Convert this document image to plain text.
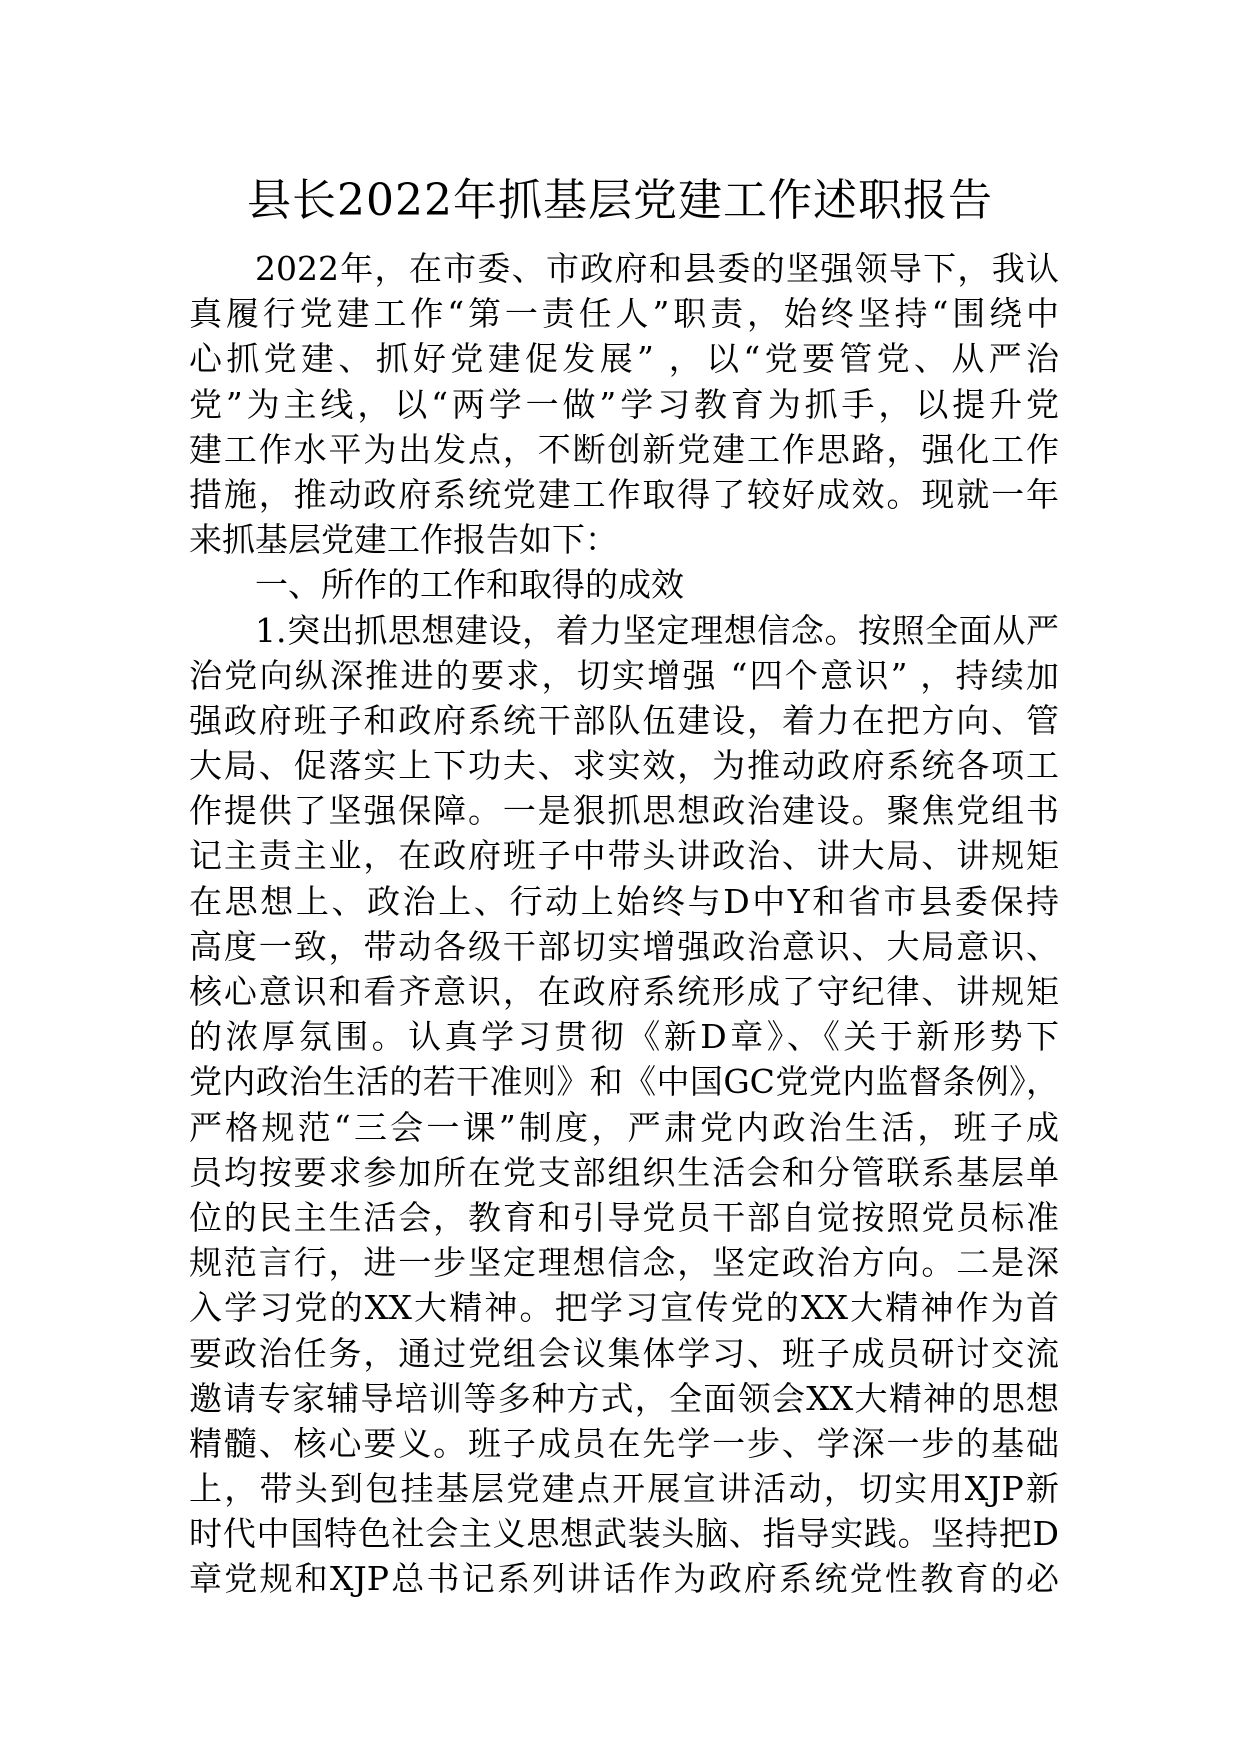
县长2022年抓基层党建工作述职报告
2022年，在市委、市政府和县委的坚强领导下，我认
真履行党建工作“第一责任人”职责，始终坚持“围绕中
心抓党建、抓好党建促发展” ，以“党要管党、从严治
党”为主线，以“两学一做”学习教育为抓手，以提升党
建工作水平为出发点，不断创新党建工作思路，强化工作
措施，推动政府系统党建工作取得了较好成效。现就一年
来抓基层党建工作报告如下：
一、所作的工作和取得的成效
1.突出抓思想建设，着力坚定理想信念。按照全面从严
治党向纵深推进的要求，切实增强 “四个意识” ，持续加
强政府班子和政府系统干部队伍建设，着力在把方向、管
大局、促落实上下功夫、求实效，为推动政府系统各项工
作提供了坚强保障。一是狠抓思想政治建设。聚焦党组书
记主责主业，在政府班子中带头讲政治、讲大局、讲规矩
在思想上、政治上、行动上始终与D中Y和省市县委保持
高度一致，带动各级干部切实增强政治意识、大局意识、
核心意识和看齐意识，在政府系统形成了守纪律、讲规矩
的浓厚氛围。认真学习贯彻《新D章》、《关于新形势下
党内政治生活的若干准则》和《中国GC党党内监督条例》，
严格规范“三会一课”制度，严肃党内政治生活，班子成
员均按要求参加所在党支部组织生活会和分管联系基层单
位的民主生活会，教育和引导党员干部自觉按照党员标准
规范言行，进一步坚定理想信念，坚定政治方向。二是深
入学习党的XX大精神。把学习宣传党的XX大精神作为首
要政治任务，通过党组会议集体学习、班子成员研讨交流
邀请专家辅导培训等多种方式，全面领会XX大精神的思想
精髓、核心要义。班子成员在先学一步、学深一步的基础
上，带头到包挂基层党建点开展宣讲活动，切实用XJP新
时代中国特色社会主义思想武装头脑、指导实践。坚持把D
章党规和XJP总书记系列讲话作为政府系统党性教育的必
